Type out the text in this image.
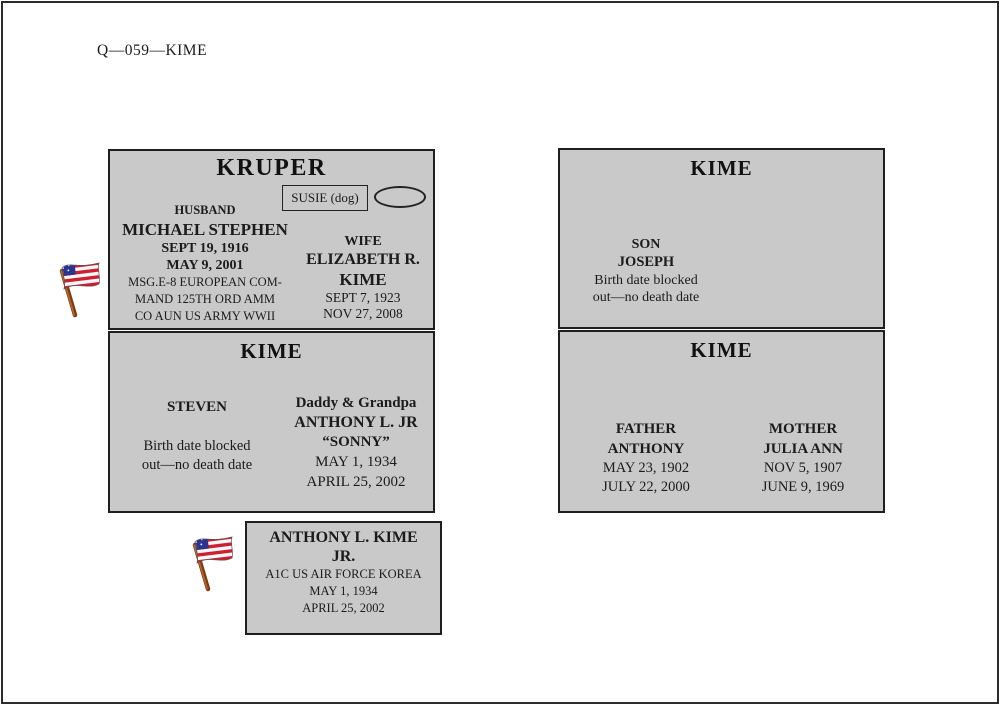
Q—059—KIME
KRUPER
SUSIE (dog)
HUSBAND
MICHAEL STEPHEN
SEPT 19, 1916
MAY 9, 2001
MSG.E-8 EUROPEAN COM-
MAND 125TH ORD AMM
CO AUN US ARMY WWII
WIFE
ELIZABETH R.
KIME
SEPT 7, 1923
NOV 27, 2008
KIME
SON
JOSEPH
Birth date blocked
out—no death date
KIME
STEVEN
Birth date blocked
out—no death date
Daddy & Grandpa
ANTHONY L. JR
“SONNY”
MAY 1, 1934
APRIL 25, 2002
KIME
FATHER
ANTHONY
MAY 23, 1902
JULY 22, 2000
MOTHER
JULIA ANN
NOV 5, 1907
JUNE 9, 1969
ANTHONY L. KIME
JR.
A1C US AIR FORCE KOREA
MAY 1, 1934
APRIL 25, 2002
